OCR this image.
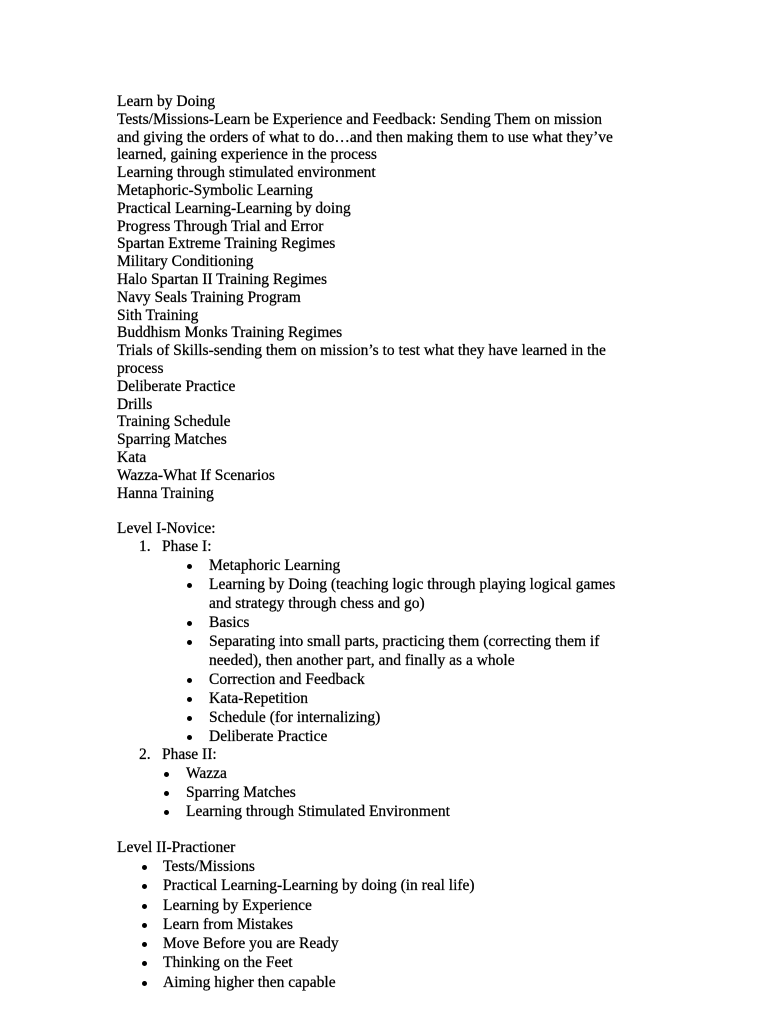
Learn by Doing
Tests/Missions-Learn be Experience and Feedback: Sending Them on mission
and giving the orders of what to do…and then making them to use what they’ve
learned, gaining experience in the process
Learning through stimulated environment
Metaphoric-Symbolic Learning
Practical Learning-Learning by doing
Progress Through Trial and Error
Spartan Extreme Training Regimes
Military Conditioning
Halo Spartan II Training Regimes
Navy Seals Training Program
Sith Training
Buddhism Monks Training Regimes
Trials of Skills-sending them on mission’s to test what they have learned in the
process
Deliberate Practice
Drills
Training Schedule
Sparring Matches
Kata
Wazza-What If Scenarios
Hanna Training
Level I-Novice:
1. Phase I:
Metaphoric Learning
Learning by Doing (teaching logic through playing logical games
and strategy through chess and go)
Basics
Separating into small parts, practicing them (correcting them if
needed), then another part, and finally as a whole
Correction and Feedback
Kata-Repetition
Schedule (for internalizing)
Deliberate Practice
2. Phase II:
Wazza
Sparring Matches
Learning through Stimulated Environment
Level II-Practioner
Tests/Missions
Practical Learning-Learning by doing (in real life)
Learning by Experience
Learn from Mistakes
Move Before you are Ready
Thinking on the Feet
Aiming higher then capable
